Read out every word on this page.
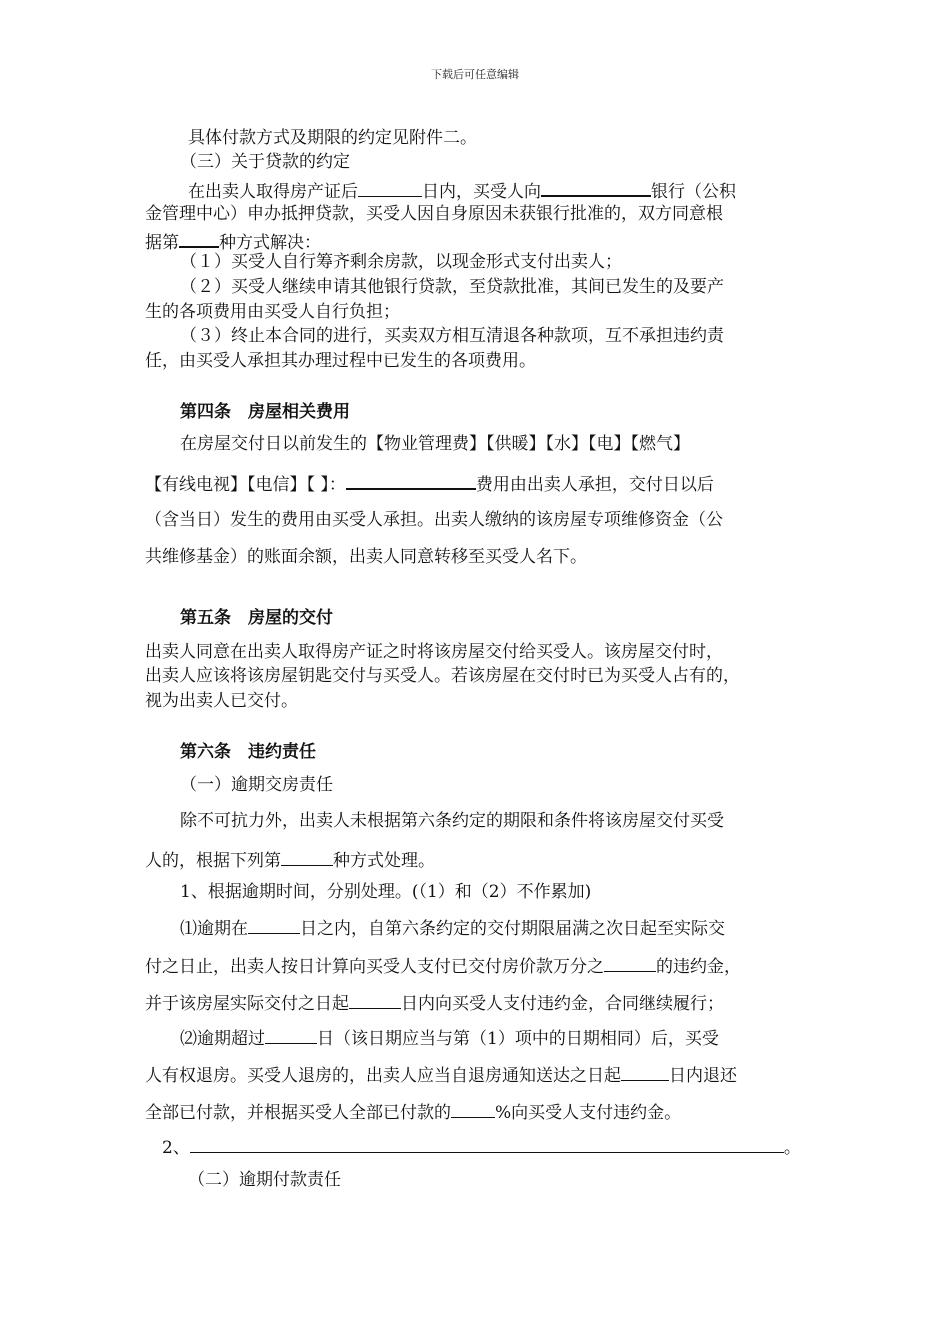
下载后可任意编辑
具体付款方式及期限的约定见附件二。
（三）关于贷款的约定
在出卖人取得房产证后	日内，买受人向	银行（公积
金管理中心）申办抵押贷款，买受人因自身原因未获银行批准的，双方同意根
据第 种方式解决：
（１）买受人自行筹齐剩余房款，以现金形式支付出卖人；
（２）买受人继续申请其他银行贷款，至贷款批准，其间已发生的及要产
生的各项费用由买受人自行负担；
（３）终止本合同的进行，买卖双方相互清退各种款项，互不承担违约责
任，由买受人承担其办理过程中已发生的各项费用。
第四条　房屋相关费用
在房屋交付日以前发生的【物业管理费】【供暖】【水】【电】【燃气】
【有线电视】【电信】【 】：	费用由出卖人承担，交付日以后
（含当日）发生的费用由买受人承担。出卖人缴纳的该房屋专项维修资金（公
共维修基金）的账面余额，出卖人同意转移至买受人名下。
第五条　房屋的交付
出卖人同意在出卖人取得房产证之时将该房屋交付给买受人。该房屋交付时，
出卖人应该将该房屋钥匙交付与买受人。若该房屋在交付时已为买受人占有的，
视为出卖人已交付。
第六条　违约责任
（一）逾期交房责任
除不可抗力外，出卖人未根据第六条约定的期限和条件将该房屋交付买受
人的，根据下列第	种方式处理。
1、根据逾期时间，分别处理。(（1）和（2）不作累加)
⑴逾期在	日之内，自第六条约定的交付期限届满之次日起至实际交
付之日止，出卖人按日计算向买受人支付已交付房价款万分之	的违约金，
并于该房屋实际交付之日起	日内向买受人支付违约金，合同继续履行；
⑵逾期超过	日（该日期应当与第（1）项中的日期相同）后，买受
人有权退房。买受人退房的，出卖人应当自退房通知送达之日起	日内退还
全部已付款，并根据买受人全部已付款的	%向买受人支付违约金。
2、	。
（二）逾期付款责任
